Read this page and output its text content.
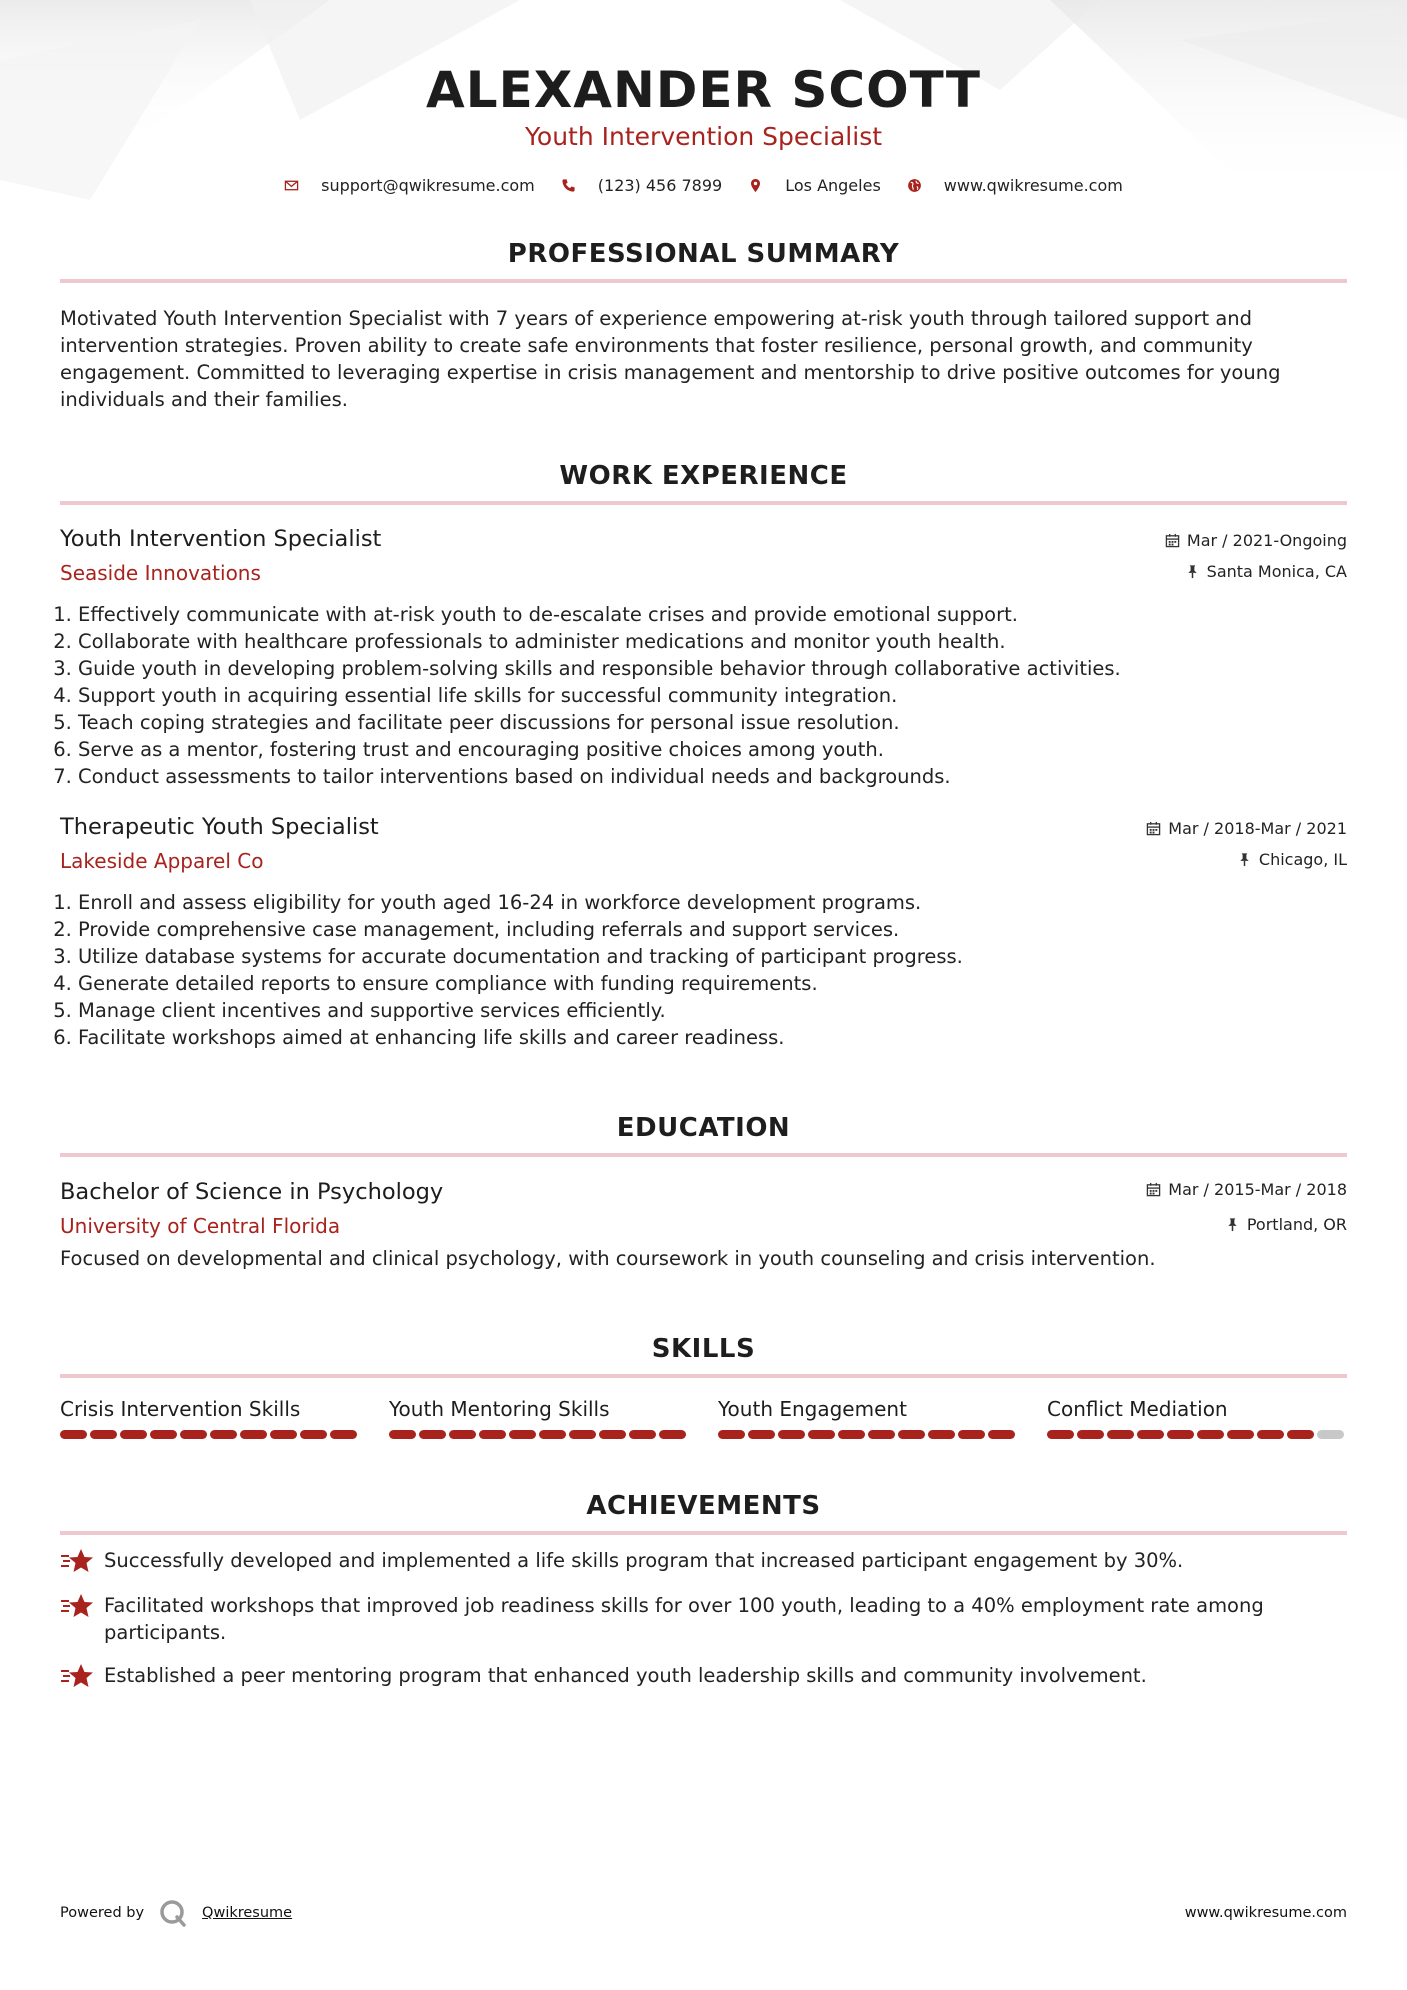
ALEXANDER SCOTT
Youth Intervention Specialist
support@qwikresume.com	(123) 456 7899	Los Angeles	www.qwikresume.com
PROFESSIONAL SUMMARY
Motivated Youth Intervention Specialist with 7 years of experience empowering at-risk youth through tailored support and intervention strategies. Proven ability to create safe environments that foster resilience, personal growth, and community engagement. Committed to leveraging expertise in crisis management and mentorship to drive positive outcomes for young individuals and their families.
WORK EXPERIENCE
Youth Intervention Specialist
Seaside Innovations
Mar / 2021-Ongoing
Santa Monica, CA
1. Effectively communicate with at-risk youth to de-escalate crises and provide emotional support.
2. Collaborate with healthcare professionals to administer medications and monitor youth health.
3. Guide youth in developing problem-solving skills and responsible behavior through collaborative activities.
4. Support youth in acquiring essential life skills for successful community integration.
5. Teach coping strategies and facilitate peer discussions for personal issue resolution.
6. Serve as a mentor, fostering trust and encouraging positive choices among youth.
7. Conduct assessments to tailor interventions based on individual needs and backgrounds.
Therapeutic Youth Specialist
Lakeside Apparel Co
Mar / 2018-Mar / 2021
Chicago, IL
1. Enroll and assess eligibility for youth aged 16-24 in workforce development programs.
2. Provide comprehensive case management, including referrals and support services.
3. Utilize database systems for accurate documentation and tracking of participant progress.
4. Generate detailed reports to ensure compliance with funding requirements.
5. Manage client incentives and supportive services efficiently.
6. Facilitate workshops aimed at enhancing life skills and career readiness.
EDUCATION
Bachelor of Science in Psychology
University of Central Florida
Mar / 2015-Mar / 2018
Portland, OR
Focused on developmental and clinical psychology, with coursework in youth counseling and crisis intervention.
SKILLS
Crisis Intervention Skills	Youth Mentoring Skills	Youth Engagement	Conflict Mediation
ACHIEVEMENTS
Successfully developed and implemented a life skills program that increased participant engagement by 30%.
Facilitated workshops that improved job readiness skills for over 100 youth, leading to a 40% employment rate among participants.
Established a peer mentoring program that enhanced youth leadership skills and community involvement.
Powered by	Qwikresume	www.qwikresume.com
